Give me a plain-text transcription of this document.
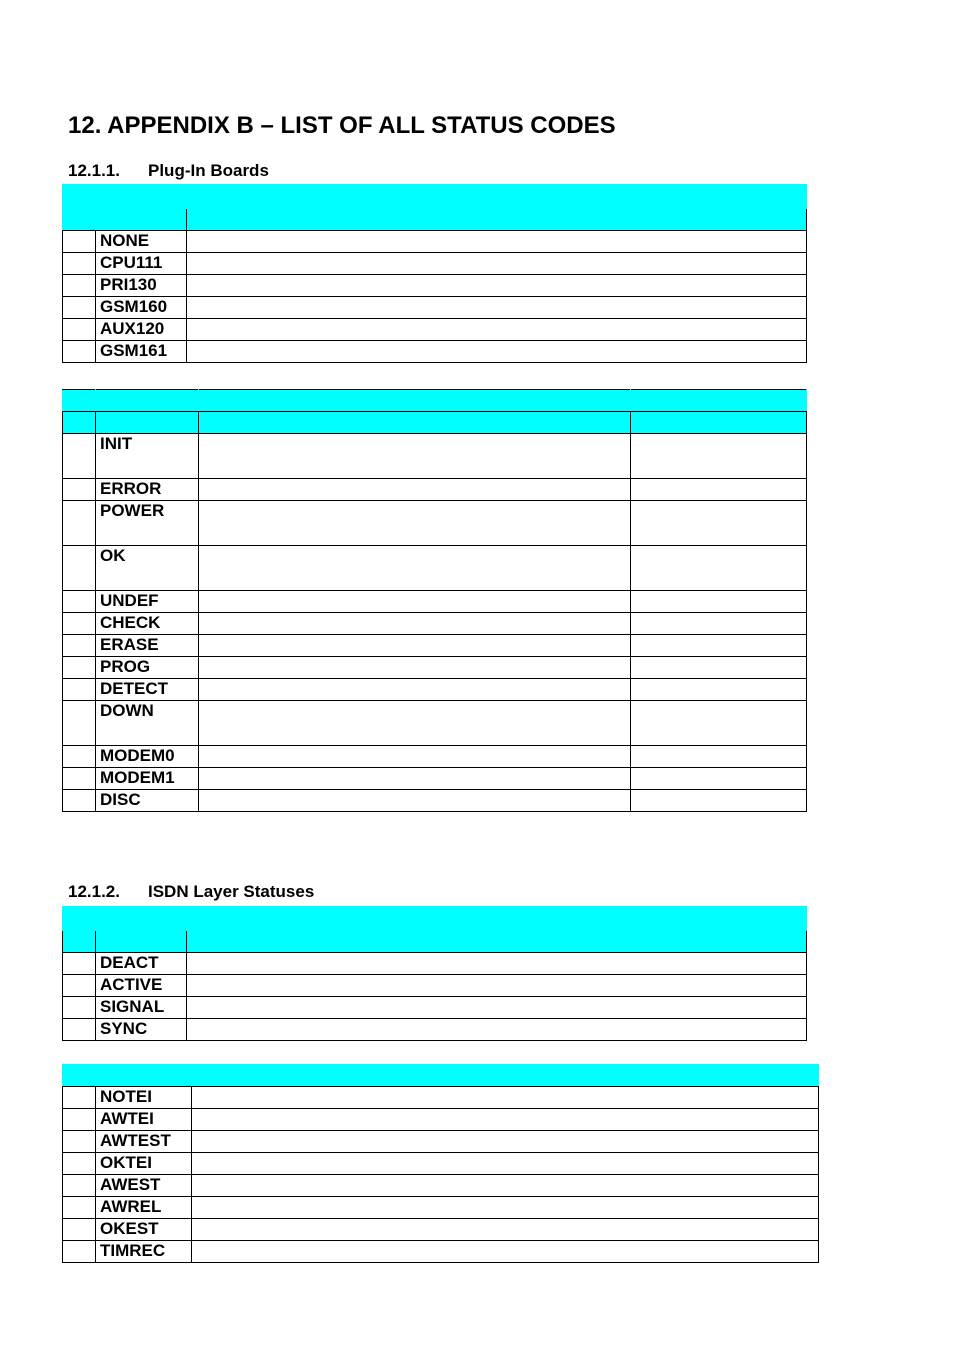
12. APPENDIX B – LIST OF ALL STATUS CODES
12.1.1. Plug-In Boards

	NONE	
	CPU111	
	PRI130	
	GSM160	
	AUX120	
	GSM161	

	INIT		
	ERROR		
	POWER		
	OK		
	UNDEF		
	CHECK		
	ERASE		
	PROG		
	DETECT		
	DOWN		
	MODEM0		
	MODEM1		
	DISC		
12.1.2. ISDN Layer Statuses

	DEACT	
	ACTIVE	
	SIGNAL	
	SYNC	

	NOTEI	
	AWTEI	
	AWTEST	
	OKTEI	
	AWEST	
	AWREL	
	OKEST	
	TIMREC	
